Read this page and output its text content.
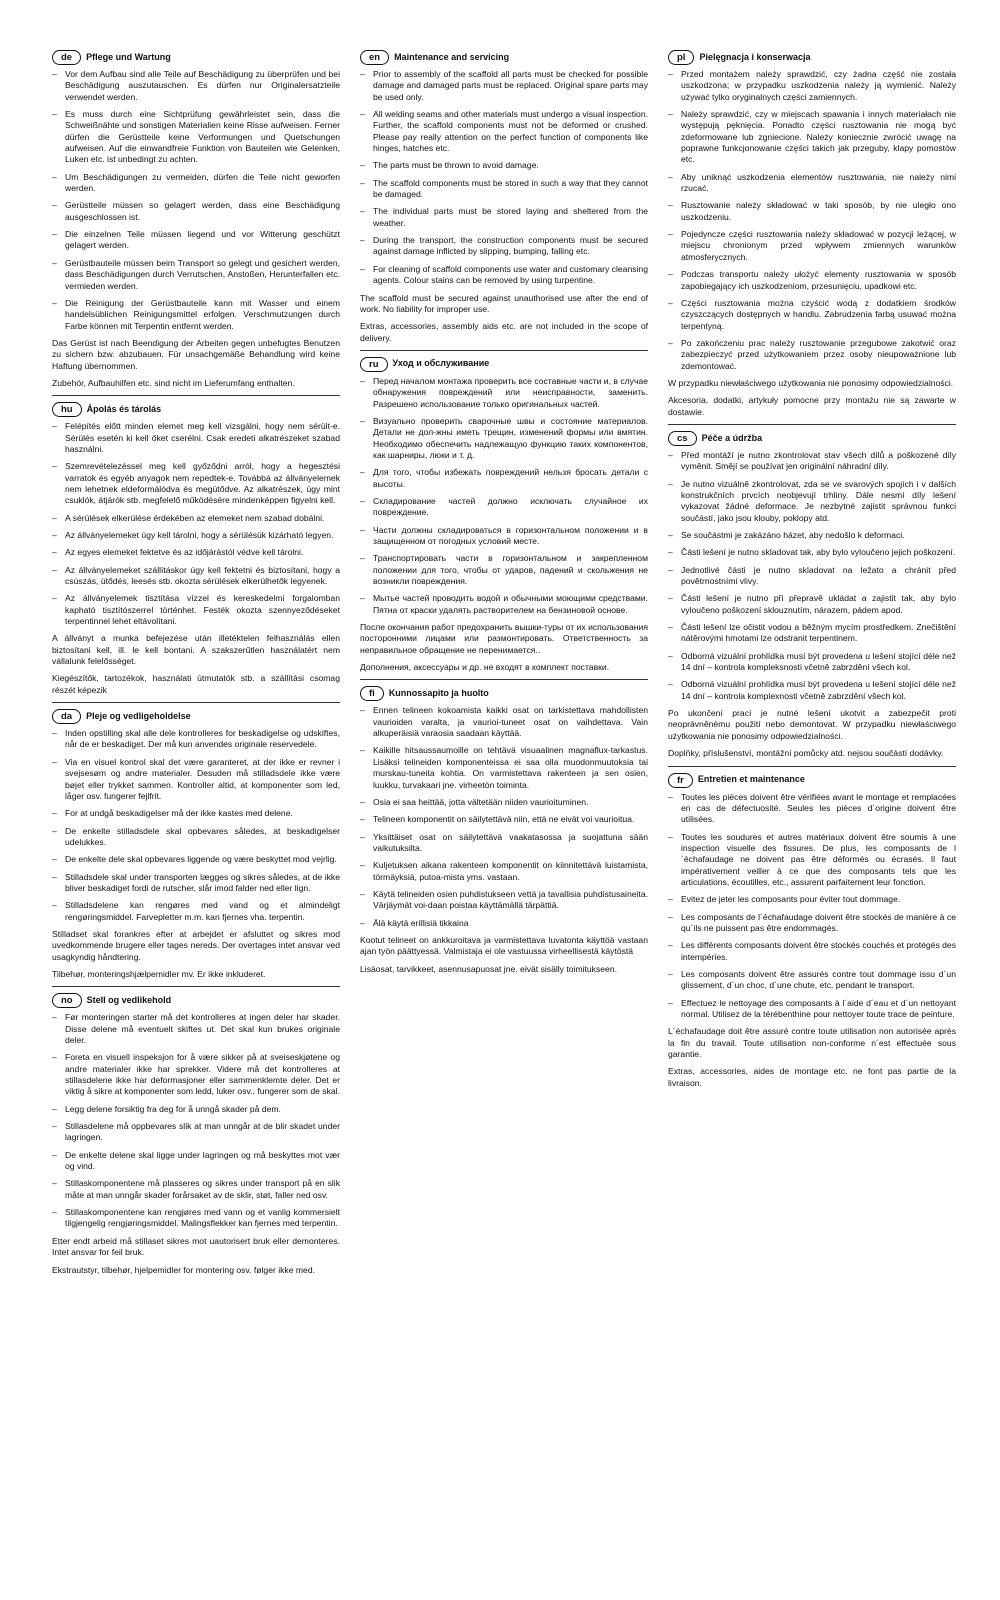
de	Pflege und Wartung
– Vor dem Aufbau sind alle Teile auf Beschädigung zu überprüfen und bei Beschädigung auszutauschen. Es dürfen nur Originalersatzteile verwendet werden.
– Es muss durch eine Sichtprüfung gewährleistet sein, dass die Schweißnähte und sonstigen Materialien keine Risse aufweisen. Ferner dürfen die Gerüstteile keine Verformungen und Quetschungen aufweisen. Auf die einwandfreie Funktion von Bauteilen wie Gelenken, Luken etc. ist unbedingt zu achten.
– Um Beschädigungen zu vermeiden, dürfen die Teile nicht geworfen werden.
– Gerüstteile müssen so gelagert werden, dass eine Beschädigung ausgeschlossen ist.
– Die einzelnen Teile müssen liegend und vor Witterung geschützt gelagert werden.
– Gerüstbauteile müssen beim Transport so gelegt und gesichert werden, dass Beschädigungen durch Verrutschen, Anstoßen, Herunterfallen etc. vermieden werden.
– Die Reinigung der Gerüstbauteile kann mit Wasser und einem handelsüblichen Reinigungsmittel erfolgen. Verschmutzungen durch Farbe können mit Terpentin entfernt werden.

Das Gerüst ist nach Beendigung der Arbeiten gegen unbefugtes Benutzen zu sichern bzw. abzubauen. Für unsachgemäße Behandlung wird keine Haftung übernommen.

Zubehör, Aufbauhilfen etc. sind nicht im Lieferumfang enthalten.

hu	Ápolás és tárolás
– Felépítés előtt minden elemet meg kell vizsgálni, hogy nem sérült-e. Sérülés esetén ki kell őket cserélni. Csak eredeti alkatrészeket szabad használni.
– Szemrevételezéssel meg kell győződni arról, hogy a hegesztési varratok és egyéb anyagok nem repedtek-e. Továbbá az állványelemek nem lehetnek eldeformálódva és megütődve. Az alkatrészek, úgy mint csuklók, átjárók stb. megfelelő működésére mindenképpen figyelni kell.
– A sérülések elkerülése érdekében az elemeket nem szabad dobálni.
– Az állványelemeket úgy kell tárolni, hogy a sérülésük kizárható legyen.
– Az egyes elemeket fektetve és az időjárástól védve kell tárolni.
– Az állványelemeket szállításkor úgy kell fektetni és biztosítani, hogy a csúszás, ütődés, leesés stb. okozta sérülések elkerülhetők legyenek.
– Az állványelemek tisztítása vízzel és kereskedelmi forgalomban kapható tisztítószerrel történhet. Festék okozta szennyeződéseket terpentinnel lehet eltávolítani.

A állványt a munka befejezése után illetéktelen felhasználás ellen biztosítani kell, ill. le kell bontani. A szakszerűtlen használatért nem vállalunk felelősséget.

Kiegészítők, tartozékok, használati útmutatók stb. a szállítási csomag részét képezik

da	Pleje og vedligeholdelse
– Inden opstilling skal alle dele kontrolleres for beskadigelse og udskiftes, når de er beskadiget. Der må kun anvendes originale reservedele.
– Via en visuel kontrol skal det være garanteret, at der ikke er revner i svejsesøm og andre materialer. Desuden må stilladsdele ikke være bøjet eller trykket sammen. Kontroller altid, at komponenter som led, låger osv. fungerer fejlfrit.
– For at undgå beskadigelser må der ikke kastes med delene.
– De enkelte stilladsdele skal opbevares således, at beskadigelser udelukkes.
– De enkelte dele skal opbevares liggende og være beskyttet mod vejrlig.
– Stilladsdele skal under transporten lægges og sikres således, at de ikke bliver beskadiget fordi de rutscher, slår imod falder ned eller lign.
– Stilladsdelene kan rengøres med vand og et almindeligt rengøringsmiddel. Farvepletter m.m. kan fjernes vha. terpentin.

Stilladset skal forankres efter at arbejdet er afsluttet og sikres mod uvedkommende brugere eller tages nereds. Der overtages intet ansvar ved usagkyndig håndtering.

Tilbehør, monteringshjælpemidler mv. Er ikke inkluderet.

no	Stell og vedlikehold
– Før monteringen starter må det kontrolleres at ingen deler har skader. Disse delene må eventuelt skiftes ut. Det skal kun brukes originale deler.
– Foreta en visuell inspeksjon for å være sikker på at sveiseskjøtene og andre materialer ikke har sprekker. Videre må det kontrolleres at stillasdelene ikke har deformasjoner eller sammenklemte deler. Det er viktig å sikre at komponenter som ledd, luker osv.. fungerer som de skal.
– Legg delene forsiktig fra deg for å unngå skader på dem.
– Stillasdelene må oppbevares slik at man unngår at de blir skadet under lagringen.
– De enkelte delene skal ligge under lagringen og må beskyttes mot vær og vind.
– Stillaskomponentene må plasseres og sikres under transport på en slik måte at man unngår skader forårsaket av de sklir, støt, faller ned osv.
– Stillaskomponentene kan rengjøres med vann og et vanlig kommersielt tilgjengelig rengjøringsmiddel. Malingsflekker kan fjernes med terpentin.

Etter endt arbeid må stillaset sikres mot uautorisert bruk eller demonteres. Intet ansvar for feil bruk.

Ekstrautstyr, tilbehør, hjelpemidler for montering osv. følger ikke med.

en	Maintenance and servicing
– Prior to assembly of the scaffold all parts must be checked for possible damage and damaged parts must be replaced. Original spare parts may be used only.
– All welding seams and other materials must undergo a visual inspection. Further, the scaffold components must not be deformed or crushed. Please pay really attention on the perfect function of components like hinges, hatches etc.
– The parts must be thrown to avoid damage.
– The scaffold components must be stored in such a way that they cannot be damaged.
– The individual parts must be stored laying and sheltered from the weather.
– During the transport, the construction components must be secured against damage inflicted by slipping, bumping, falling etc.
– For cleaning of scaffold components use water and customary cleansing agents. Colour stains can be removed by using turpentine.

The scaffold must be secured against unauthorised use after the end of work. No liability for improper use.

Extras, accessories, assembly aids etc. are not included in the scope of delivery.

ru	Уход и обслуживание
– Перед началом монтажа проверить все составные части и, в случае обнаружения повреждений или неисправности, заменить. Разрешено использование только оригинальных частей.
– Визуально проверить сварочные швы и состояние материалов. Детали не дол-жны иметь трещин, изменений формы или вмятин. Необходимо обеспечить надлежащую функцию таких компонентов, как шарниры, люки и т. д.
– Для того, чтобы избежать повреждений нельзя бросать детали с высоты.
– Складирование частей должно исключать случайное их повреждение.
– Части должны складироваться в горизонтальном положении и в защищенном от погодных условий месте.
– Транспортировать части в горизонтальном и закрепленном положении для того, чтобы от ударов, падений и скольжения не возникли повреждения.
– Мытье частей проводить водой и обычными моющими средствами. Пятна от краски удалять растворителем на бензиновой основе.

После окончания работ предохранить вышки-туры от их использования посторонними лицами или размонтировать. Ответственность за неправильное обращение не перенимается..

Дополнения, аксессуары и др. не входят в комплект поставки.

fi	Kunnossapito ja huolto
– Ennen telineen kokoamista kaikki osat on tarkistettava mahdollisten vaurioiden varalta, ja vaurioi-tuneet osat on vaihdettava. Vain alkuperäisiä varaosia saadaan käyttää.
– Kaikille hitsaussaumoille on tehtävä visuaalinen magnaflux-tarkastus. Lisäksi telineiden komponenteissa ei saa olla muodonmuutoksia tai murskau-tuneita kohtia. On varmistettava rakenteen ja sen osien, luukku, turvakaari jne. virheetön toiminta.
– Osia ei saa heittää, jotta vältetään niiden vaurioituminen.
– Telineen komponentit on säilytettävä niin, että ne eivät voi vaurioitua.
– Yksittäiset osat on säilytettävä vaakatasossa ja suojattuna sään vaikutuksilta.
– Kuljetuksen aikana rakenteen komponentit on kiinnitettävä luistamista, törmäyksiä, putoa-mista yms. vastaan.
– Käytä telineiden osien puhdistukseen vettä ja tavallisia puhdistusaineita. Värjäymät voi-daan poistaa käyttämällä tärpättiä.
– Älä käytä erillisiä tikkaina

Kootut telineet on ankkuroitava ja varmistettava luvatonta käyttöä vastaan ajan työn päättyessä. Valmistaja ei ole vastuussa virheellisestä käytöstä

Lisäosat, tarvikkeet, asennusapuosat jne. eivät sisälly toimitukseen.

pl	Pielęgnacja i konserwacja
– Przed montażem należy sprawdzić, czy żadna część nie została uszkodzona; w przypadku uszkodzenia należy ją wymienić. Należy używać tylko oryginalnych części zamiennych.
– Należy sprawdzić, czy w miejscach spawania i innych materiałach nie występują pęknięcia. Ponadto części rusztowania nie mogą być zdeformowane lub zgniecione. Należy koniecznie zwrócić uwagę na poprawne funkcjonowanie części takich jak przeguby, klapy pomostów etc.
– Aby uniknąć uszkodzenia elementów rusztowania, nie należy nimi rzucać.
– Rusztowanie należy składować w taki sposób, by nie uległo ono uszkodzeniu.
– Pojedyncze części rusztowania należy składować w pozycji leżącej, w miejscu chronionym przed wpływem zmiennych warunków atmosferycznych.
– Podczas transportu należy ułożyć elementy rusztowania w sposób zapobiegający ich uszkodzeniom, przesunięciu, upadkowi etc.
– Części rusztowania można czyścić wodą z dodatkiem środków czyszczących dostępnych w handlu. Zabrudzenia farbą usuwać można terpentyną.
– Po zakończeniu prac należy rusztowanie przegubowe zakotwić oraz zabezpieczyć przed użytkowaniem przez osoby nieupoważnione lub zdemontować.

W przypadku niewłaściwego użytkowania nie ponosimy odpowiedzialności.

Akcesoria, dodatki, artykuły pomocne przy montażu nie są zawarte w dostawie.

cs	Péče a údržba
– Před montáží je nutno zkontrolovat stav všech dílů a poškozené díly vyměnit. Smějí se používat jen originální náhradní díly.
– Je nutno vizuálně zkontrolovat, zda se ve svarových spojích i v dalších konstrukčních prvcích neobjevují trhliny. Dále nesmí díly lešení vykazovat žádné deformace. Je nezbytné zajistit správnou funkci součástí, jako jsou klouby, poklopy atd.
– Se součástmi je zakázáno házet, aby nedošlo k deformaci.
– Části lešení je nutno skladovat tak, aby bylo vyloučeno jejich poškození.
– Jednotlivé části je nutno skladovat na ležato a chránit před povětrnostními vlivy.
– Části lešení je nutno při přepravě ukládat a zajistit tak, aby bylo vyloučeno poškození sklouznutím, nárazem, pádem apod.
– Části lešení lze očistit vodou a běžným mycím prostředkem. Znečištění nátěrovými hmotami lze odstranit terpentinem.
– Odborná vizuální prohlídka musí být provedena u lešení stojící déle než 14 dní – kontrola kompleksnosti včetně zabrzdění všech kol.
– Odborná vizuální prohlídka musí být provedena u lešení stojící déle než 14 dní – kontrola komplexnosti včetně zabrzdění všech kol.

Po ukončení prací je nutné lešení ukotvit a zabezpečit proti neoprávněnému použití nebo demontovat. W przypadku niewłaściwego użytkowania nie ponosimy odpowiedzialności.

Doplňky, příslušenství, montážní pomůcky atd. nejsou součástí dodávky.

fr	Entretien et maintenance
– Toutes les pièces doivent être vérifiées avant le montage et remplacées en cas de défectuosité. Seules les pièces d´origine doivent être utilisées.
– Toutes les soudures et autres matériaux doivent être soumis à une inspection visuelle des fissures. De plus, les composants de l´échafaudage ne doivent pas être déformés ou écrasés. Il faut impérativement veiller à ce que des composants tels que les articulations, écoutilles, etc., assurent parfaitement leur fonction.
– Evitez de jeter les composants pour éviter tout dommage.
– Les composants de l´échafaudage doivent être stockés de manière à ce qu´ils ne puissent pas être endommagés.
– Les différents composants doivent être stockés couchés et protégés des intempéries.
– Les composants doivent être assurés contre tout dommage issu d´un glissement, d´un choc, d´une chute, etc. pendant le transport.
– Effectuez le nettoyage des composants à l´aide d´eau et d´un nettoyant normal. Utilisez de la térébenthine pour nettoyer toute trace de peinture.

L´échafaudage doit être assuré contre toute utilisation non autorisée après la fin du travail. Toute utilisation non-conforme n´est effectuée sous garantie.

Extras, accessories, aides de montage etc. ne font pas partie de la livraison.
